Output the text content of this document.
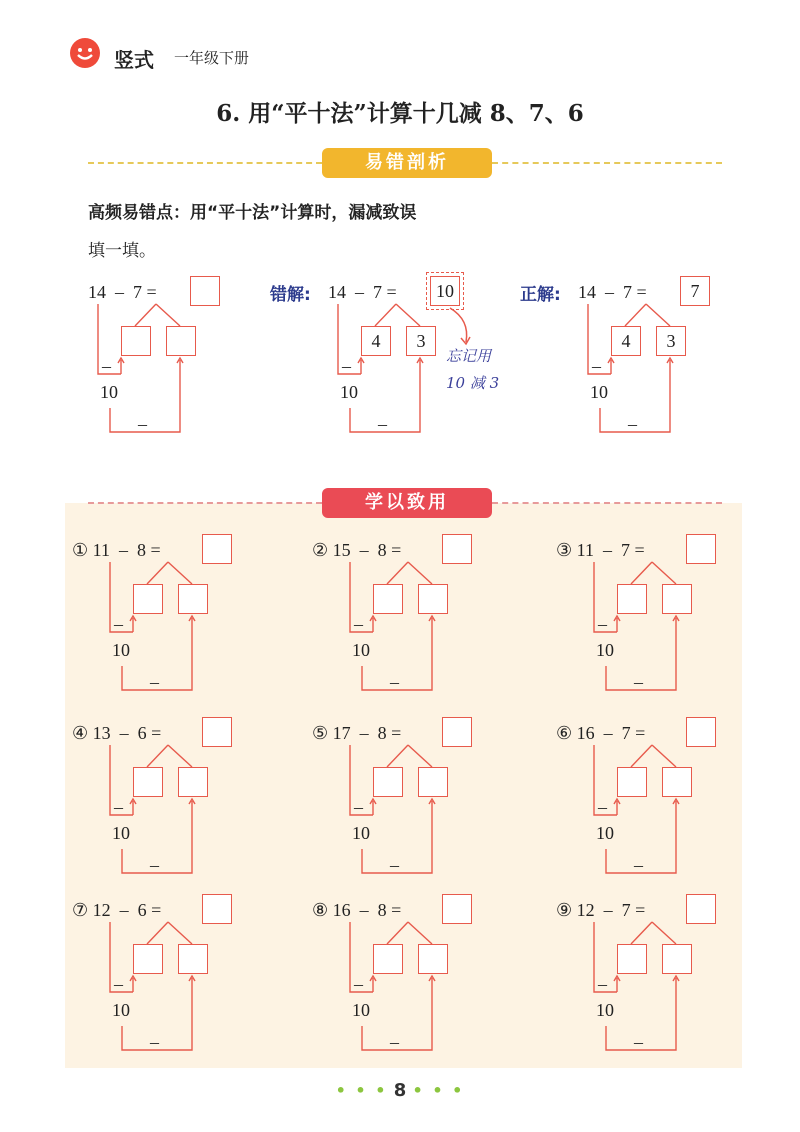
竖式 一年级下册
6. 用“平十法”计算十几减 8、7、6
易错剖析
高频易错点：用“平十法”计算时，漏减致误
填一填。
学以致用
14  –  7 =
–
10
–
错解: 14  –  7 =	10
4	3
–
10
–
正解: 14  –  7 =	7
4	3
–
10
–
① 11  –  8 =
–
10
–
② 15  –  8 =
–
10
–
③ 11  –  7 =
–
10
–
④ 13  –  6 =
–
10
–
⑤ 17  –  8 =
–
10
–
⑥ 16  –  7 =
–
10
–
⑦ 12  –  6 =
–
10
–
⑧ 16  –  8 =
–
10
–
⑨ 12  –  7 =
–
10
–
忘记用
10 减 3
• • • 8 • • •
